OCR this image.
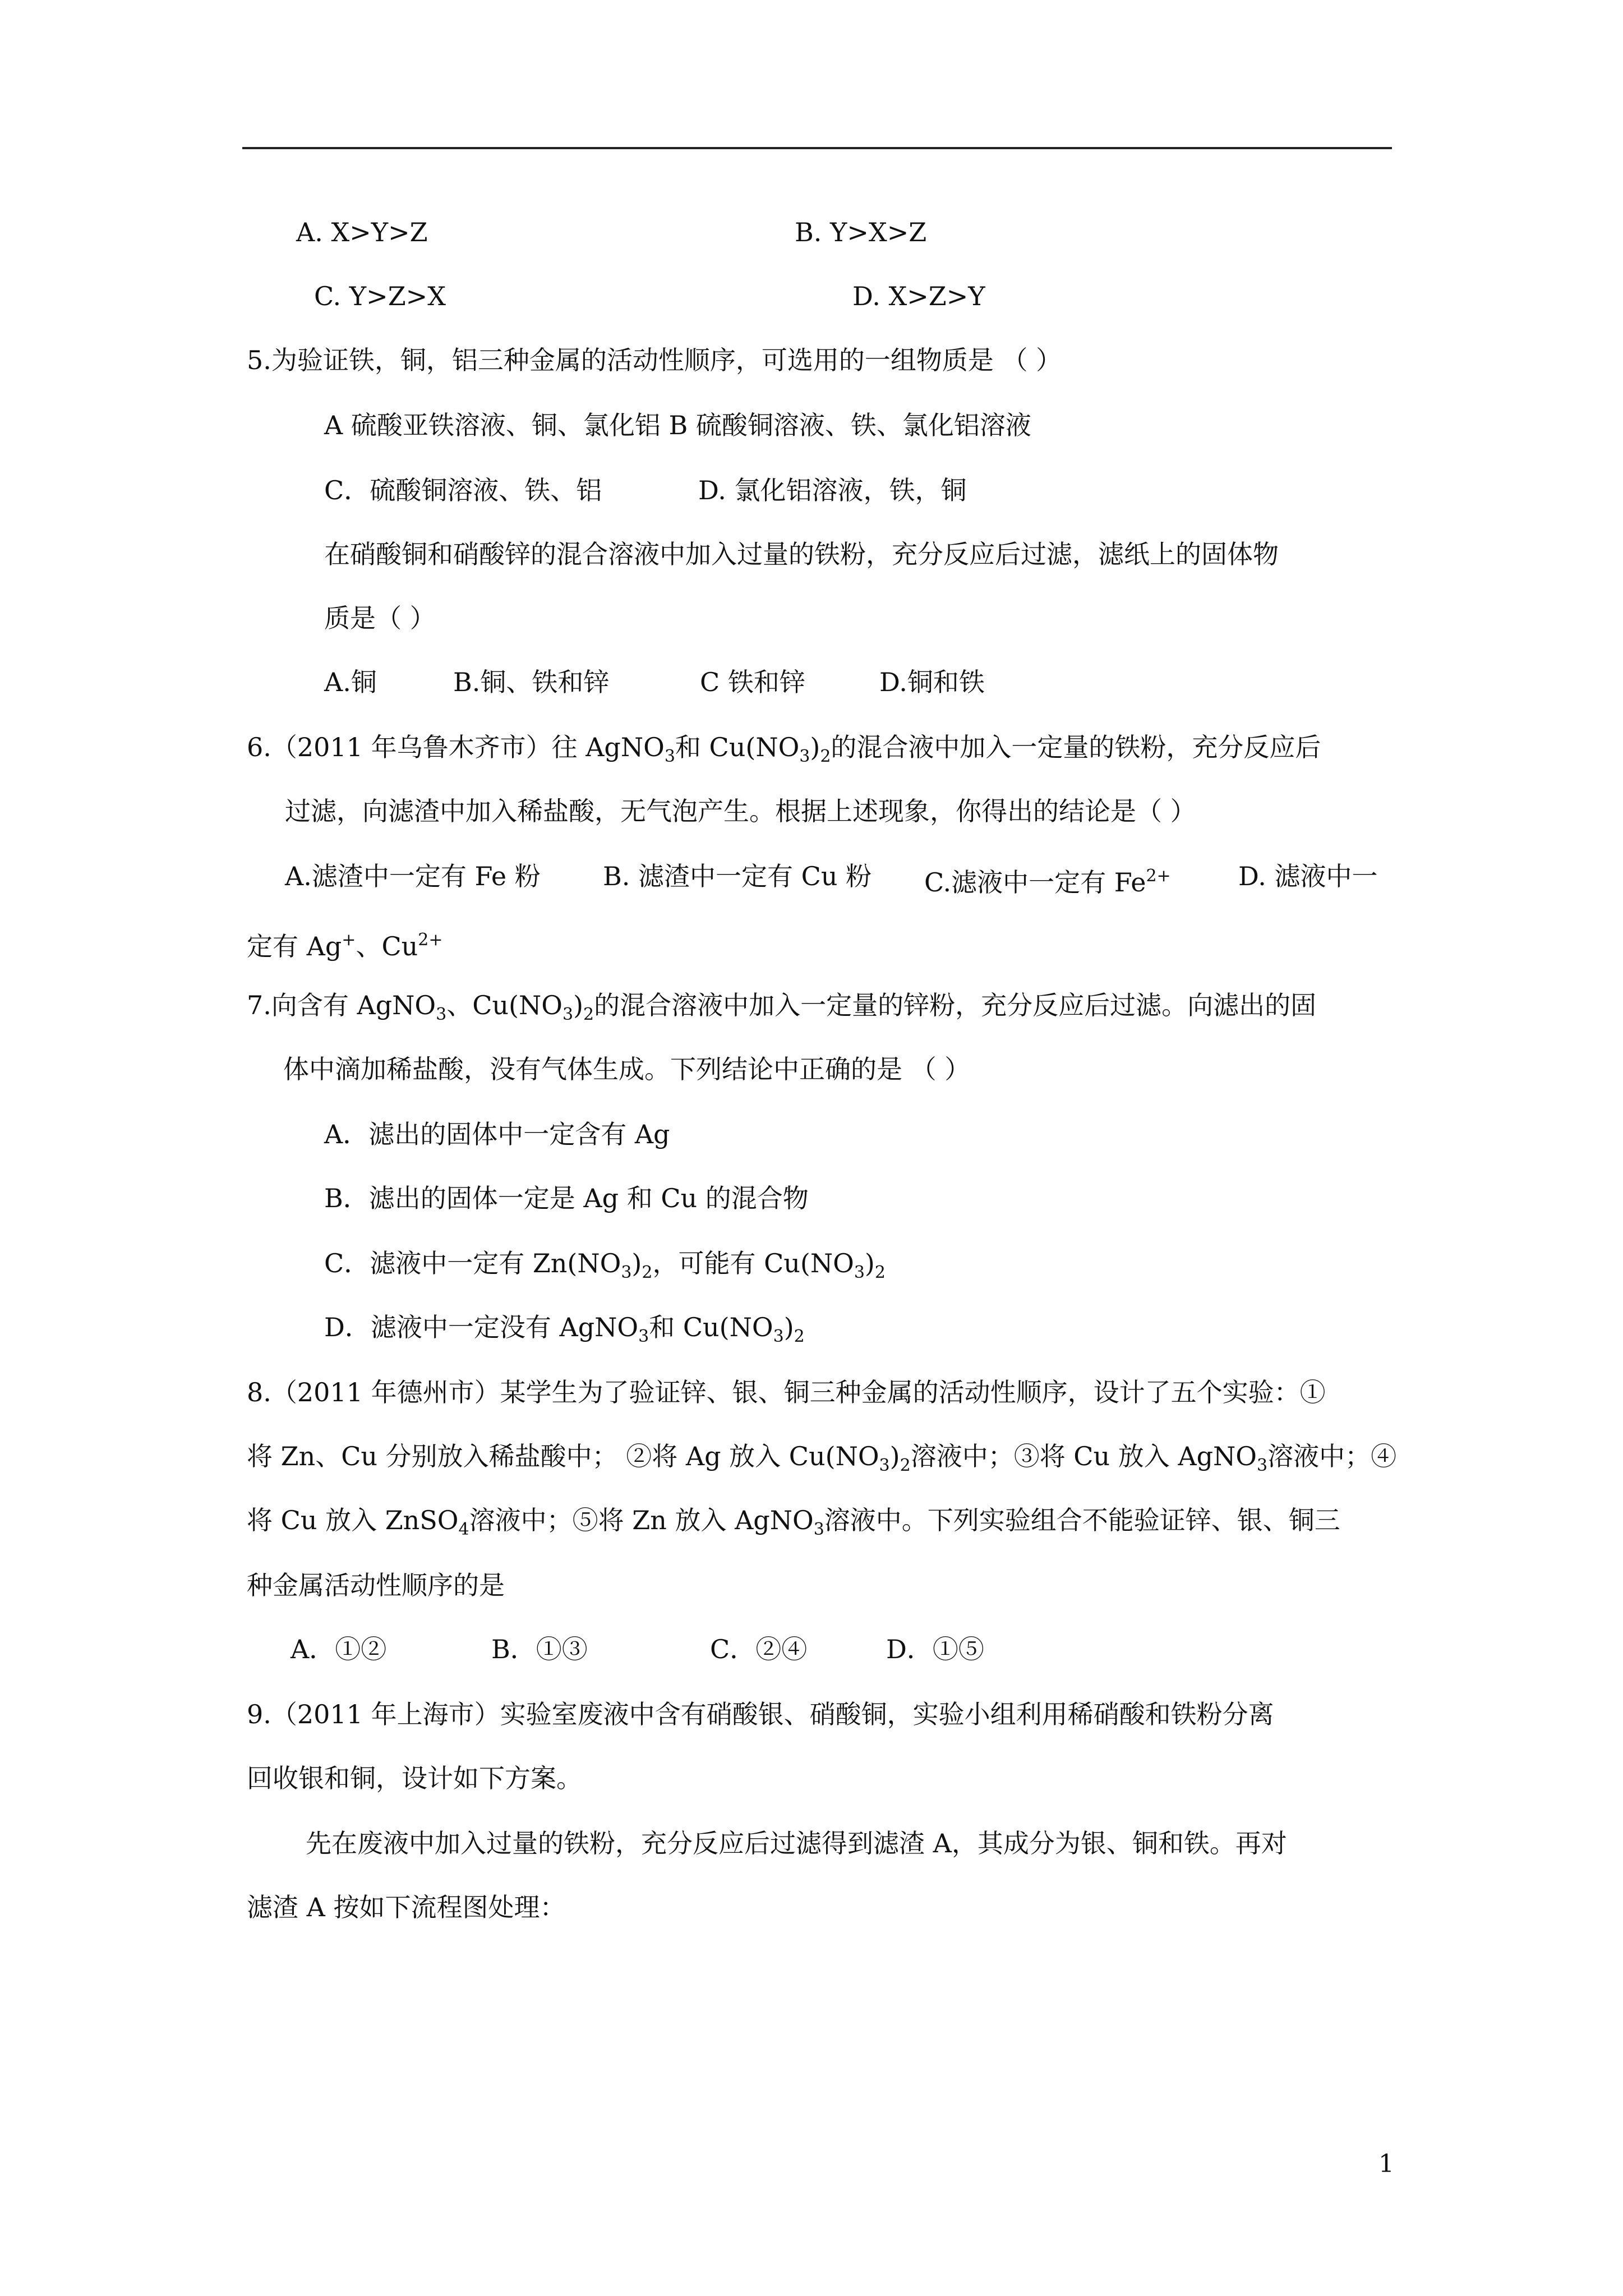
A. X>Y>Z	B. Y>X>Z
C. Y>Z>X	D. X>Z>Y
5.为验证铁，铜，铝三种金属的活动性顺序，可选用的一组物质是 （ ）
A 硫酸亚铁溶液、铜、氯化铝 B 硫酸铜溶液、铁、氯化铝溶液
C．硫酸铜溶液、铁、铝	D. 氯化铝溶液，铁，铜
在硝酸铜和硝酸锌的混合溶液中加入过量的铁粉，充分反应后过滤，滤纸上的固体物
质是（ ）
A.铜	B.铜、铁和锌	C 铁和锌	D.铜和铁
6.（2011 年乌鲁木齐市）往 AgNO$_3$和 $Cu(NO_3)_2$的混合液中加入一定量的铁粉，充分反应后
过滤，向滤渣中加入稀盐酸，无气泡产生。根据上述现象，你得出的结论是（ ）
A.滤渣中一定有 Fe 粉 B. 滤渣中一定有 Cu 粉 C.滤液中一定有 $Fe^{2+}$	D. 滤液中一
定有 Ag+、$Cu^{2+}$
7.向含有 AgNO$_3$、$Cu(NO_3)_2$的混合溶液中加入一定量的锌粉，充分反应后过滤。向滤出的固
体中滴加稀盐酸，没有气体生成。下列结论中正确的是 （ ）
A．滤出的固体中一定含有 Ag
B．滤出的固体一定是 Ag 和 Cu 的混合物
C．滤液中一定有 $Zn(NO_3)_2$，可能有 $Cu(NO_3)_2$
D．滤液中一定没有 AgNO$_3$和 $Cu(NO_3)_2$
8.（2011 年德州市）某学生为了验证锌、银、铜三种金属的活动性顺序，设计了五个实验：①
将 Zn、Cu 分别放入稀盐酸中； ②将 Ag 放入 $Cu(NO_3)_2$溶液中；③将 Cu 放入 AgNO$_3$溶液中；④
将 Cu 放入 ZnSO$_4$溶液中；⑤将 Zn 放入 AgNO$_3$溶液中。下列实验组合不能验证锌、银、铜三
种金属活动性顺序的是
A．①②	B．①③	C．②④	D．①⑤
9.（2011 年上海市）实验室废液中含有硝酸银、硝酸铜，实验小组利用稀硝酸和铁粉分离
回收银和铜，设计如下方案。
先在废液中加入过量的铁粉，充分反应后过滤得到滤渣 A，其成分为银、铜和铁。再对
滤渣 A 按如下流程图处理：
1
